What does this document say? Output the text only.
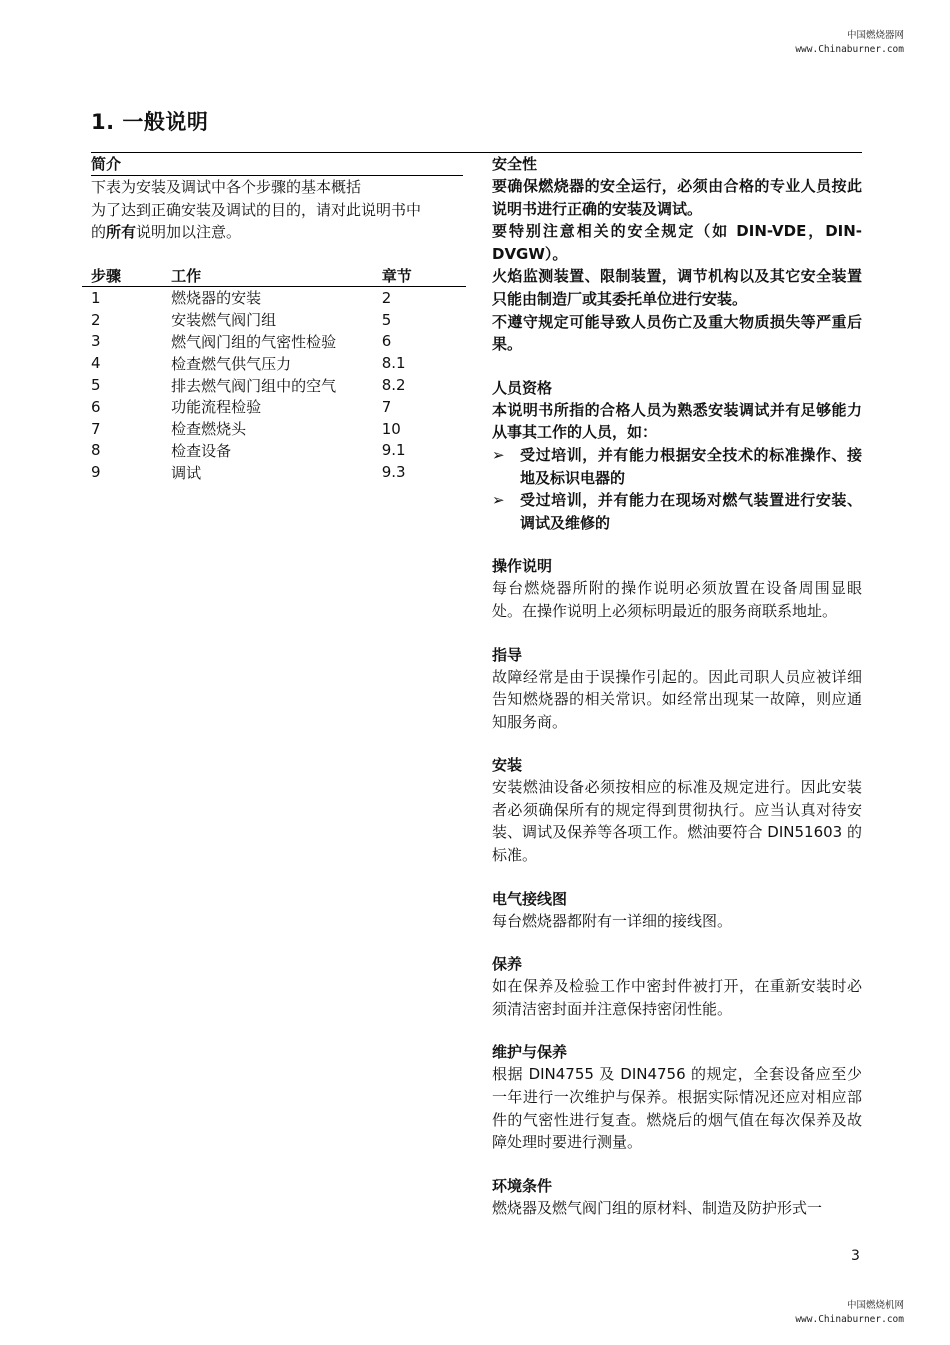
中国燃烧器网
www.Chinaburner.com
1. 一般说明
简介
下表为安装及调试中各个步骤的基本概括
为了达到正确安装及调试的目的，请对此说明书中
的所有说明加以注意。
步骤	工作	章节
1	燃烧器的安装	2
2	安装燃气阀门组	5
3	燃气阀门组的气密性检验	6
4	检查燃气供气压力	8.1
5	排去燃气阀门组中的空气	8.2
6	功能流程检验	7
7	检查燃烧头	10
8	检查设备	9.1
9	调试	9.3
安全性
要确保燃烧器的安全运行，必须由合格的专业人员按此说明书进行正确的安装及调试。
要特别注意相关的安全规定（如 DIN-VDE，DIN-DVGW）。
火焰监测装置、限制装置，调节机构以及其它安全装置只能由制造厂或其委托单位进行安装。
不遵守规定可能导致人员伤亡及重大物质损失等严重后果。
人员资格
本说明书所指的合格人员为熟悉安装调试并有足够能力从事其工作的人员，如：
➢	受过培训，并有能力根据安全技术的标准操作、接地及标识电器的
➢	受过培训，并有能力在现场对燃气装置进行安装、调试及维修的
操作说明
每台燃烧器所附的操作说明必须放置在设备周围显眼处。在操作说明上必须标明最近的服务商联系地址。
指导
故障经常是由于误操作引起的。因此司职人员应被详细告知燃烧器的相关常识。如经常出现某一故障，则应通知服务商。
安装
安装燃油设备必须按相应的标准及规定进行。因此安装者必须确保所有的规定得到贯彻执行。应当认真对待安装、调试及保养等各项工作。燃油要符合 DIN51603 的标准。
电气接线图
每台燃烧器都附有一详细的接线图。
保养
如在保养及检验工作中密封件被打开，在重新安装时必须清洁密封面并注意保持密闭性能。
维护与保养
根据 DIN4755 及 DIN4756 的规定，全套设备应至少一年进行一次维护与保养。根据实际情况还应对相应部件的气密性进行复查。燃烧后的烟气值在每次保养及故障处理时要进行测量。
环境条件
燃烧器及燃气阀门组的原材料、制造及防护形式一
3
中国燃烧机网
www.Chinaburner.com
